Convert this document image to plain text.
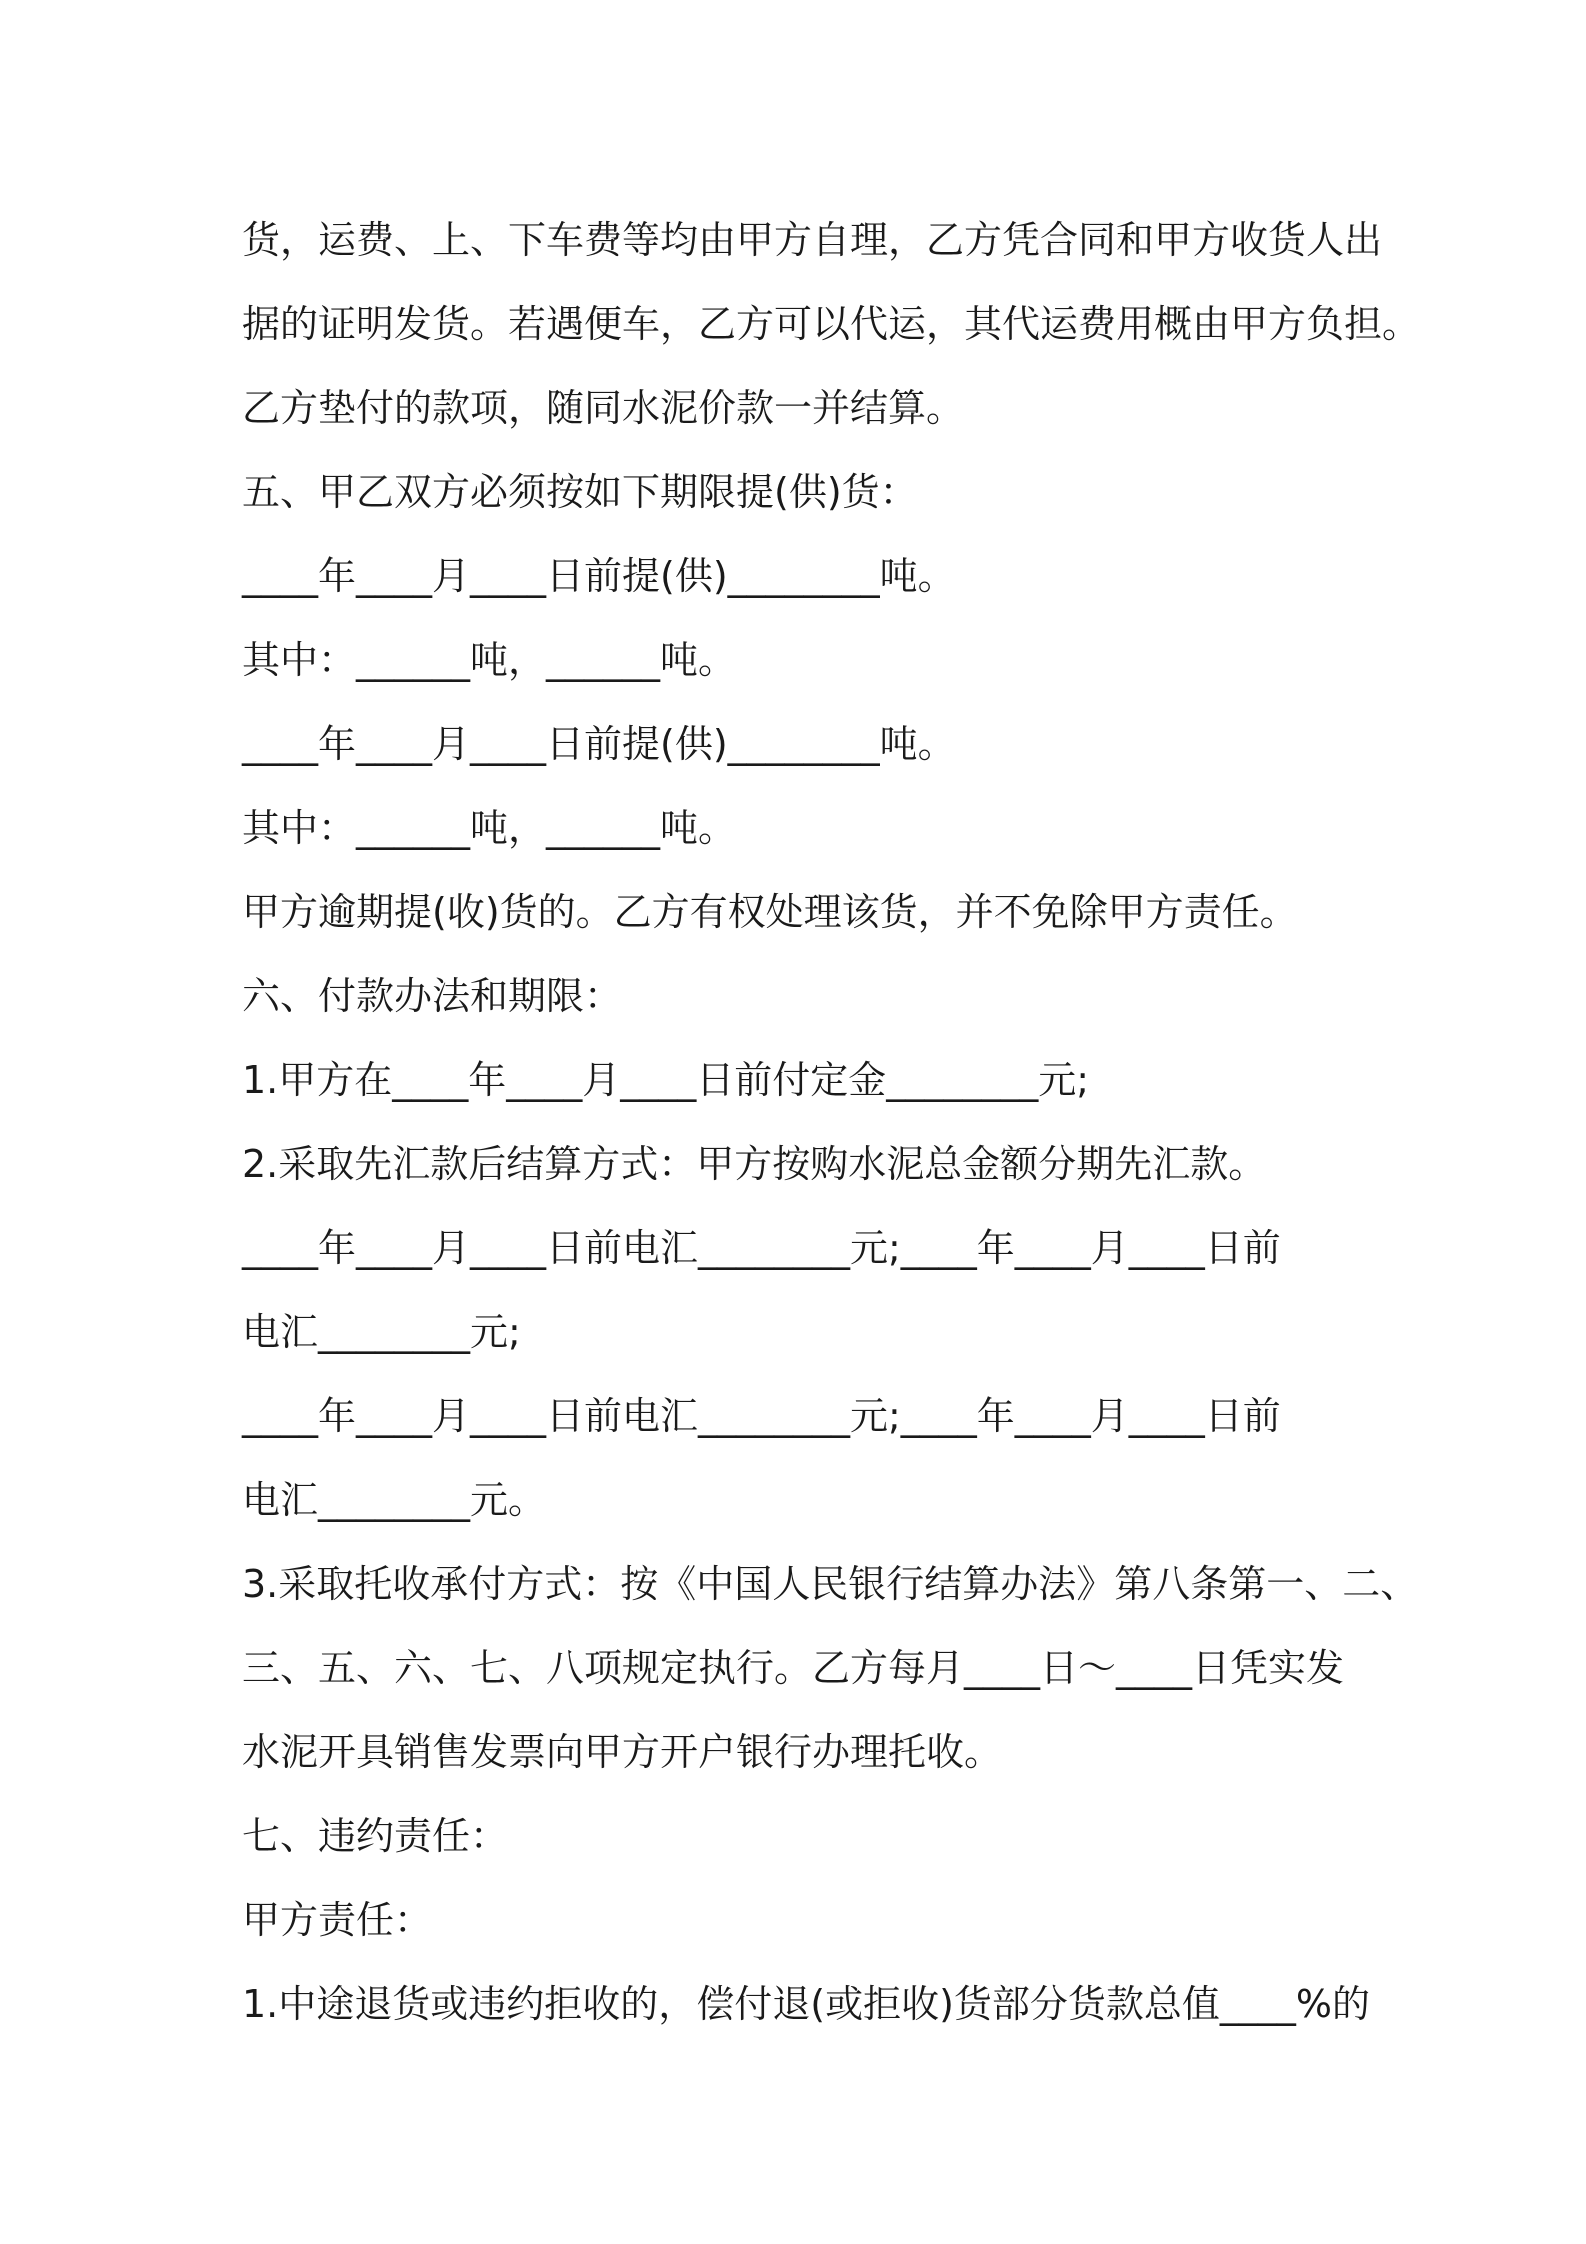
货，运费、上、下车费等均由甲方自理，乙方凭合同和甲方收货人出

据的证明发货。若遇便车，乙方可以代运，其代运费用概由甲方负担。

乙方垫付的款项，随同水泥价款一并结算。

五、甲乙双方必须按如下期限提(供)货：

____年____月____日前提(供)________吨。

其中：______吨，______吨。

____年____月____日前提(供)________吨。

其中：______吨，______吨。

甲方逾期提(收)货的。乙方有权处理该货，并不免除甲方责任。

六、付款办法和期限：

1.甲方在____年____月____日前付定金________元;

2.采取先汇款后结算方式：甲方按购水泥总金额分期先汇款。

____年____月____日前电汇________元;____年____月____日前

电汇________元;

____年____月____日前电汇________元;____年____月____日前

电汇________元。

3.采取托收承付方式：按《中国人民银行结算办法》第八条第一、二、

三、五、六、七、八项规定执行。乙方每月____日～____日凭实发

水泥开具销售发票向甲方开户银行办理托收。

七、违约责任：

甲方责任：

1.中途退货或违约拒收的，偿付退(或拒收)货部分货款总值____%的
